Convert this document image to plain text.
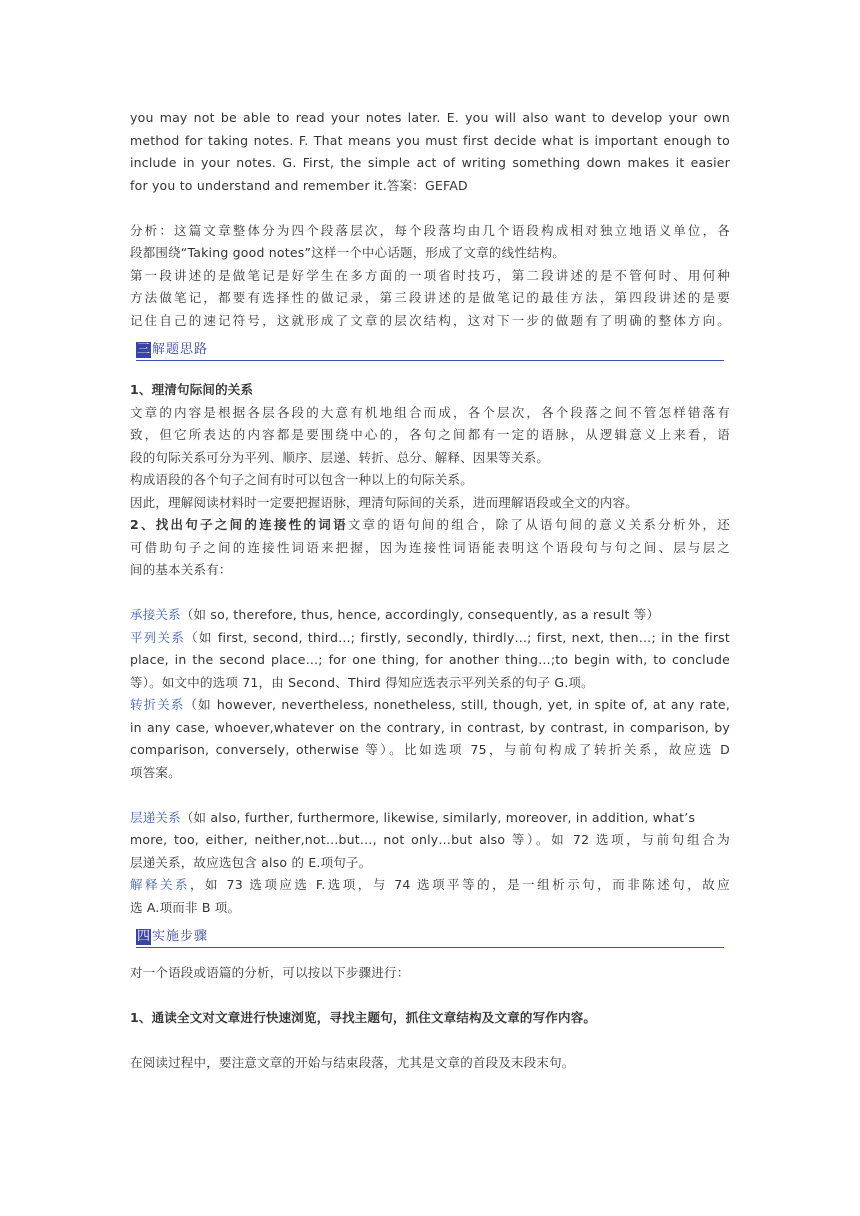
you may not be able to read your notes later. E. you will also want to develop your own
method for taking notes. F. That means you must first decide what is important enough to
include in your notes. G. First, the simple act of writing something down makes it easier
for you to understand and remember it.答案：GEFAD
分析：这篇文章整体分为四个段落层次，每个段落均由几个语段构成相对独立地语义单位，各
段都围绕“Taking good notes”这样一个中心话题，形成了文章的线性结构。
第一段讲述的是做笔记是好学生在多方面的一项省时技巧，第二段讲述的是不管何时、用何种
方法做笔记，都要有选择性的做记录，第三段讲述的是做笔记的最佳方法，第四段讲述的是要
记住自己的速记符号，这就形成了文章的层次结构，这对下一步的做题有了明确的整体方向。
三 解题思路
1、理清句际间的关系
文章的内容是根据各层各段的大意有机地组合而成，各个层次，各个段落之间不管怎样错落有
致，但它所表达的内容都是要围绕中心的，各句之间都有一定的语脉，从逻辑意义上来看，语
段的句际关系可分为平列、顺序、层递、转折、总分、解释、因果等关系。
构成语段的各个句子之间有时可以包含一种以上的句际关系。
因此，理解阅读材料时一定要把握语脉，理清句际间的关系，进而理解语段或全文的内容。
2、找出句子之间的连接性的词语文章的语句间的组合，除了从语句间的意义关系分析外，还
可借助句子之间的连接性词语来把握，因为连接性词语能表明这个语段句与句之间、层与层之
间的基本关系有：
承接关系（如 so, therefore, thus, hence, accordingly, consequently, as a result 等）
平列关系（如 first, second, third…; firstly, secondly, thirdly…; first, next, then…; in the first
place, in the second place…; for one thing, for another thing…;to begin with, to conclude
等）。如文中的选项 71，由 Second、Third 得知应选表示平列关系的句子 G.项。
转折关系（如 however, nevertheless, nonetheless, still, though, yet, in spite of, at any rate,
in any case, whoever,whatever on the contrary, in contrast, by contrast, in comparison, by
comparison, conversely, otherwise 等）。比如选项 75，与前句构成了转折关系，故应选 D
项答案。
层递关系（如 also, further, furthermore, likewise, similarly, moreover, in addition, what’s
more, too, either, neither,not…but…, not only…but also 等）。如 72 选项，与前句组合为
层递关系，故应选包含 also 的 E.项句子。
解释关系，如 73 选项应选 F.选项，与 74 选项平等的，是一组析示句，而非陈述句，故应
选 A.项而非 B 项。
四 实施步骤
对一个语段或语篇的分析，可以按以下步骤进行：
1、通读全文对文章进行快速浏览，寻找主题句，抓住文章结构及文章的写作内容。
在阅读过程中，要注意文章的开始与结束段落，尤其是文章的首段及末段末句。
